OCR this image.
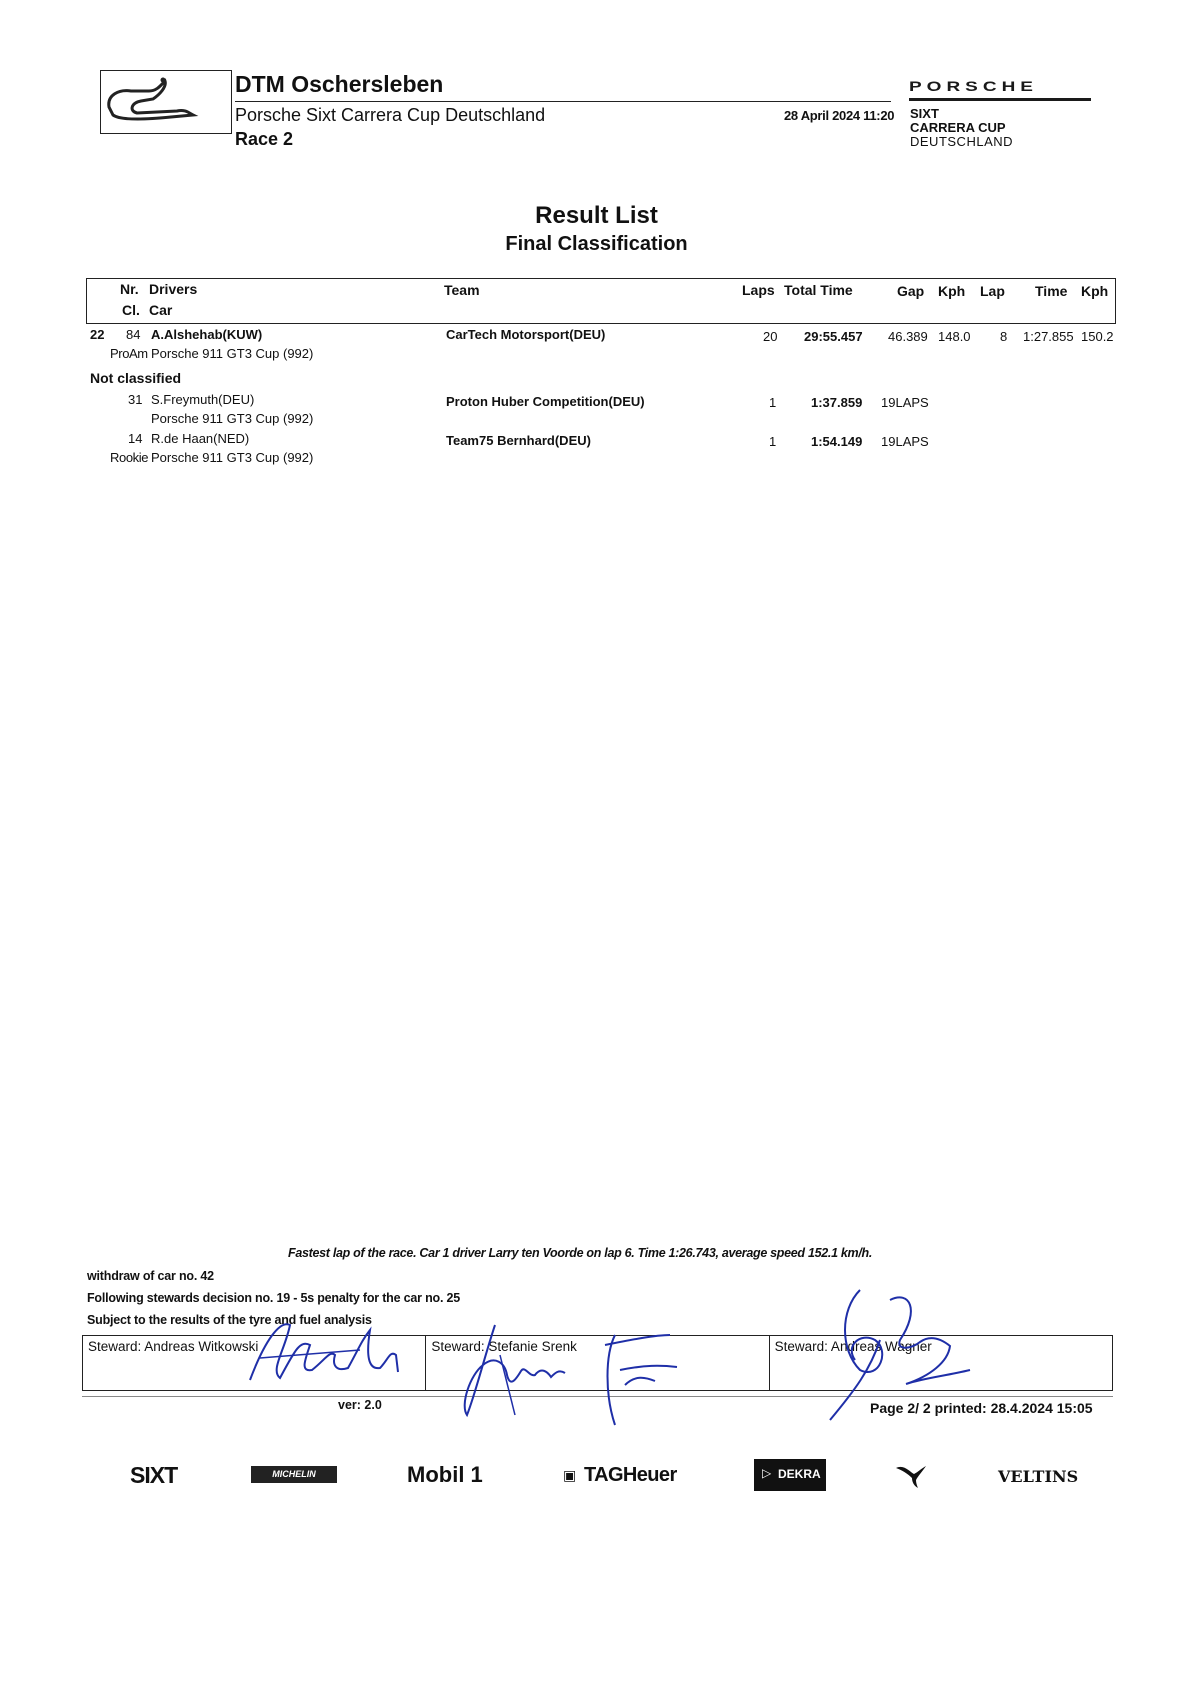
DTM Oschersleben
Porsche Sixt Carrera Cup Deutschland
Race 2
28 April 2024 11:20
PORSCHE
SIXT
CARRERA CUP
DEUTSCHLAND
Result List
Final Classification
Nr. Drivers
Cl. Car
Team	Laps Total Time	Gap Kph Lap Time Kph
22 84 A.Alshehab(KUW)
ProAm Porsche 911 GT3 Cup (992)
CarTech Motorsport(DEU)	20 29:55.457 46.389 148.0 8 1:27.855 150.2
Not classified
31 S.Freymuth(DEU)
Porsche 911 GT3 Cup (992)
Proton Huber Competition(DEU)	1	1:37.859 19LAPS
14 R.de Haan(NED)
Rookie Porsche 911 GT3 Cup (992)
Team75 Bernhard(DEU)	1	1:54.149 19LAPS
Fastest lap of the race. Car 1 driver Larry ten Voorde on lap 6. Time 1:26.743, average speed 152.1 km/h.
withdraw of car no. 42
Following stewards decision no. 19 - 5s penalty for the car no. 25
Subject to the results of the tyre and fuel analysis
Steward: Andreas Witkowski	Steward: Stefanie Srenk	Steward: Andreas Wagner
ver: 2.0	Page 2/ 2 printed: 28.4.2024 15:05
SIXT	MICHELIN	Mobil 1	▣ TAGHeuer	▷ DEKRA	VELTINS
